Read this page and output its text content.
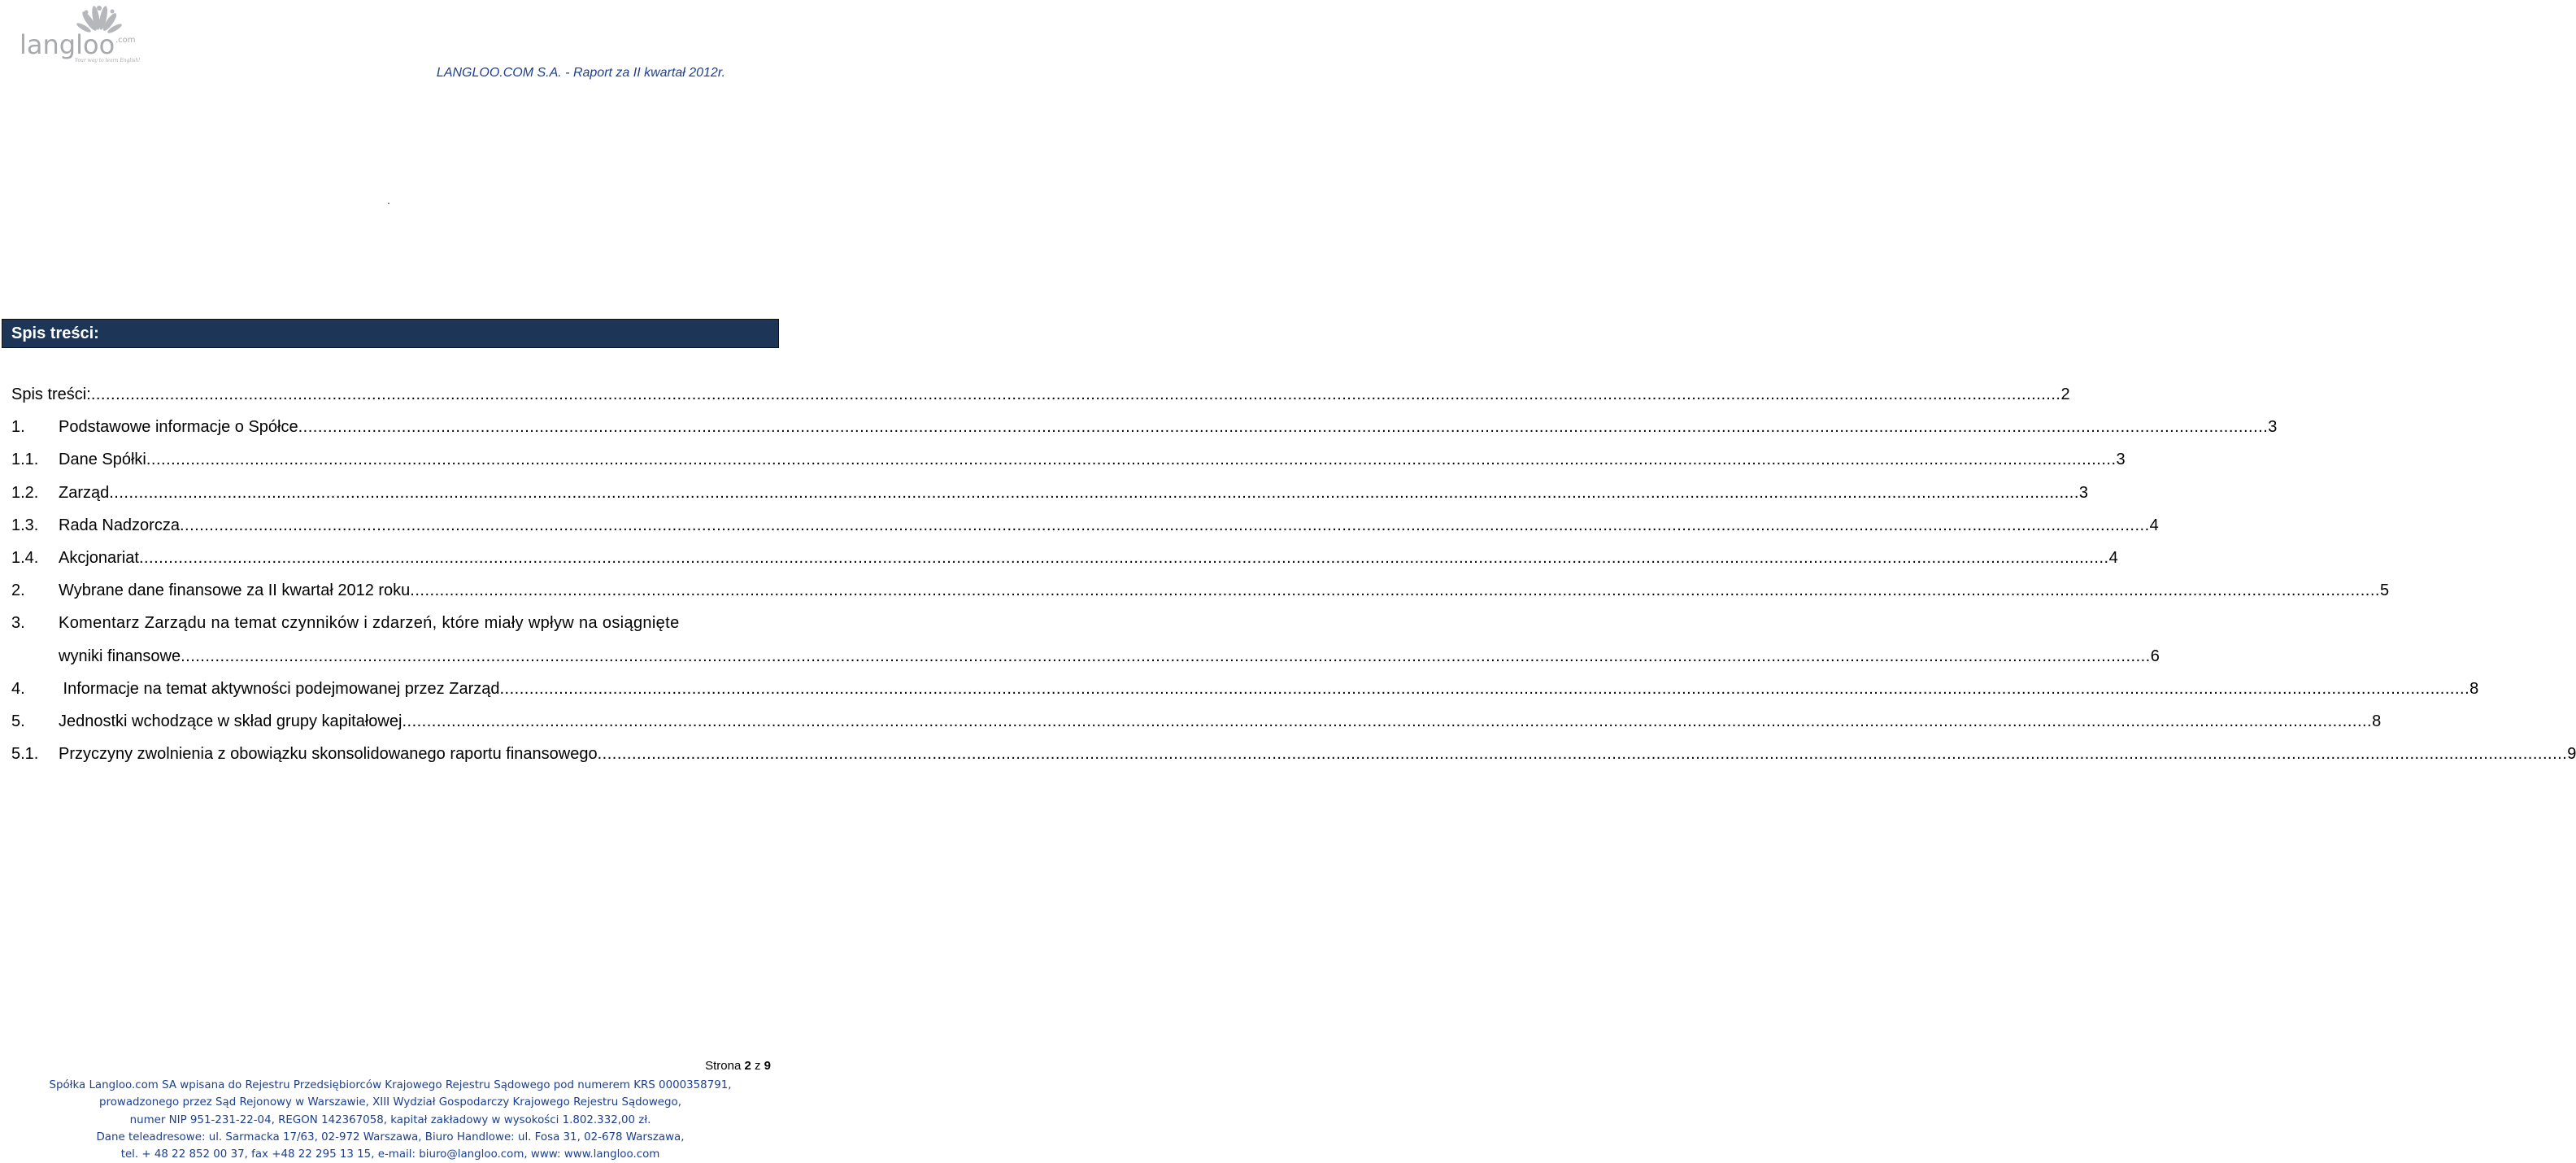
langloo .com
Your way to learn English!
LANGLOO.COM S.A. - Raport za II kwartał 2012r.
.
Spis treści:
Spis treści: ................................................................................................................................................................................................................................................................................................................................................................................................................ 2
1.	Podstawowe informacje o Spółce ................................................................................................................................................................................................................................................................................................................................................................................................................ 3
1.1.	Dane Spółki ................................................................................................................................................................................................................................................................................................................................................................................................................ 3
1.2.	Zarząd ................................................................................................................................................................................................................................................................................................................................................................................................................ 3
1.3.	Rada Nadzorcza ................................................................................................................................................................................................................................................................................................................................................................................................................ 4
1.4.	Akcjonariat ................................................................................................................................................................................................................................................................................................................................................................................................................ 4
2.	Wybrane dane finansowe za II kwartał 2012 roku ................................................................................................................................................................................................................................................................................................................................................................................................................ 5
3.	Komentarz Zarządu na temat czynników i zdarzeń, które miały wpływ na osiągnięte
wyniki finansowe ................................................................................................................................................................................................................................................................................................................................................................................................................ 6
4.	Informacje na temat aktywności podejmowanej przez Zarząd ................................................................................................................................................................................................................................................................................................................................................................................................................ 8
5.	Jednostki wchodzące w skład grupy kapitałowej ................................................................................................................................................................................................................................................................................................................................................................................................................ 8
5.1.	Przyczyny zwolnienia z obowiązku skonsolidowanego raportu finansowego ................................................................................................................................................................................................................................................................................................................................................................................................................ 9
Strona 2 z 9
Spółka Langloo.com SA wpisana do Rejestru Przedsiębiorców Krajowego Rejestru Sądowego pod numerem KRS 0000358791,
prowadzonego przez Sąd Rejonowy w Warszawie, XIII Wydział Gospodarczy Krajowego Rejestru Sądowego,
numer NIP 951-231-22-04, REGON 142367058, kapitał zakładowy w wysokości 1.802.332,00 zł.
Dane teleadresowe: ul. Sarmacka 17/63, 02-972 Warszawa, Biuro Handlowe: ul. Fosa 31, 02-678 Warszawa,
tel. + 48 22 852 00 37, fax +48 22 295 13 15, e-mail: biuro@langloo.com, www: www.langloo.com
